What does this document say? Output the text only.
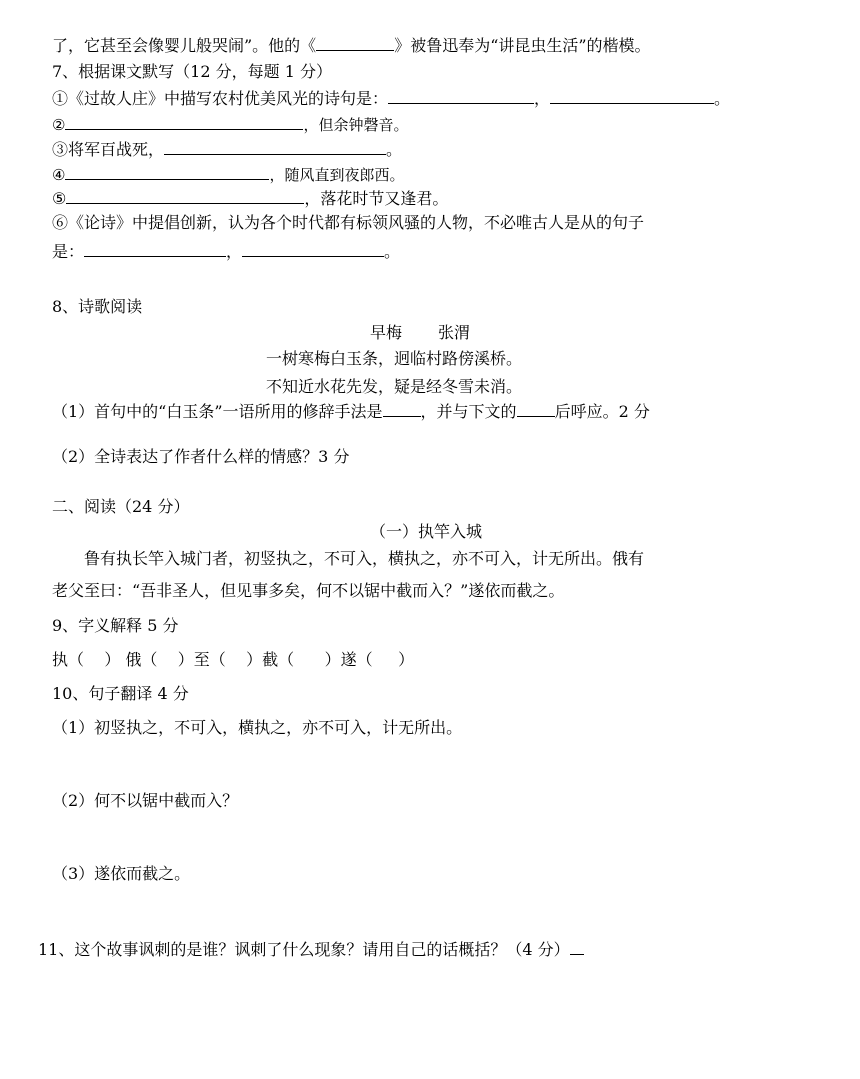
了，它甚至会像婴儿般哭闹”。他的《	》被鲁迅奉为“讲昆虫生活”的楷模。
7、根据课文默写（12 分，每题 1 分）
①《过故人庄》中描写农村优美风光的诗句是：	，	。
②	，但余钟磬音。
③将军百战死，	。
④	，随风直到夜郎西。
⑤	，落花时节又逢君。
⑥《论诗》中提倡创新，认为各个时代都有标领风骚的人物，不必唯古人是从的句子
是：	，	。
8、诗歌阅读
早梅 张渭
一树寒梅白玉条，迥临村路傍溪桥。
不知近水花先发，疑是经冬雪未消。
（1）首句中的“白玉条”一语所用的修辞手法是 ，并与下文的 后呼应。2 分
（2）全诗表达了作者什么样的情感？3 分
二、阅读（24 分）
（一）执竿入城
鲁有执长竿入城门者，初竖执之，不可入，横执之，亦不可入，计无所出。俄有
老父至曰：“吾非圣人，但见事多矣，何不以锯中截而入？”遂依而截之。
9、字义解释 5 分
执（    ） 俄（    ）至（    ）截（      ）遂（     ）
10、句子翻译 4 分
（1）初竖执之，不可入，横执之，亦不可入，计无所出。
（2）何不以锯中截而入？
（3）遂依而截之。
11、这个故事讽刺的是谁？讽刺了什么现象？请用自己的话概括？（4 分）
